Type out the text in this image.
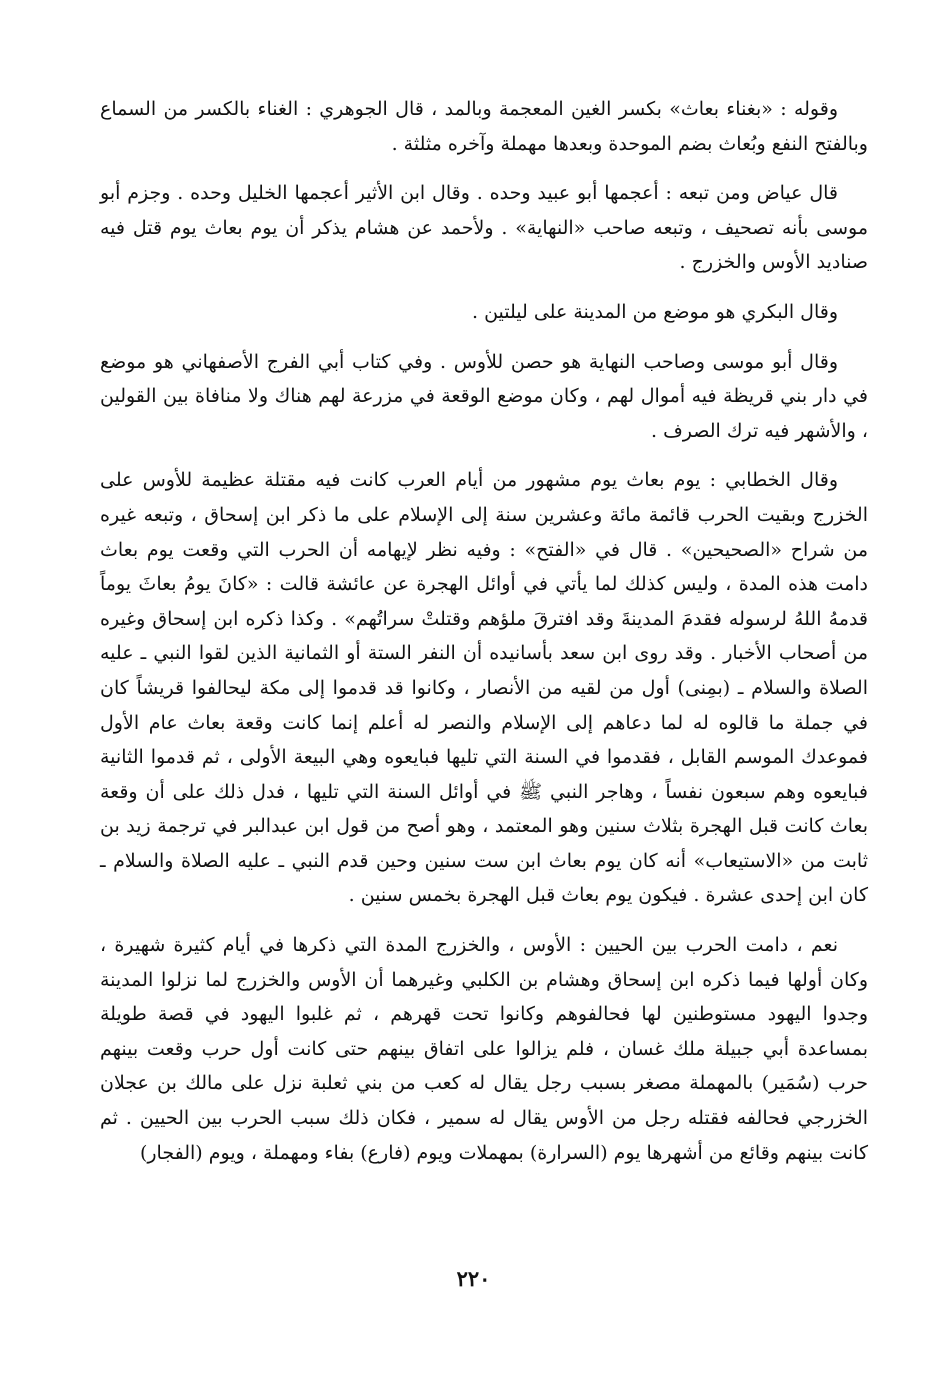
وقوله : «بغناء بعاث» بكسر الغين المعجمة وبالمد ، قال الجوهري : الغناء بالكسر من السماع وبالفتح النفع وبُعاث بضم الموحدة وبعدها مهملة وآخره مثلثة .

قال عياض ومن تبعه : أعجمها أبو عبيد وحده . وقال ابن الأثير أعجمها الخليل وحده . وجزم أبو موسى بأنه تصحيف ، وتبعه صاحب «النهاية» . ولأحمد عن هشام يذكر أن يوم بعاث يوم قتل فيه صناديد الأوس والخزرج .

وقال البكري هو موضع من المدينة على ليلتين .

وقال أبو موسى وصاحب النهاية هو حصن للأوس . وفي كتاب أبي الفرج الأصفهاني هو موضع في دار بني قريظة فيه أموال لهم ، وكان موضع الوقعة في مزرعة لهم هناك ولا منافاة بين القولين ، والأشهر فيه ترك الصرف .

وقال الخطابي : يوم بعاث يوم مشهور من أيام العرب كانت فيه مقتلة عظيمة للأوس على الخزرج وبقيت الحرب قائمة مائة وعشرين سنة إلى الإسلام على ما ذكر ابن إسحاق ، وتبعه غيره من شراح «الصحيحين» . قال في «الفتح» : وفيه نظر لإيهامه أن الحرب التي وقعت يوم بعاث دامت هذه المدة ، وليس كذلك لما يأتي في أوائل الهجرة عن عائشة قالت : «كانَ يومُ بعاثَ يوماً قدمهُ اللهُ لرسوله فقدمَ المدينةَ وقد افترقَ ملؤهم وقتلتْ سراتُهم» . وكذا ذكره ابن إسحاق وغيره من أصحاب الأخبار . وقد روى ابن سعد بأسانيده أن النفر الستة أو الثمانية الذين لقوا النبي ـ عليه الصلاة والسلام ـ (بمِنى) أول من لقيه من الأنصار ، وكانوا قد قدموا إلى مكة ليحالفوا قريشاً كان في جملة ما قالوه له لما دعاهم إلى الإسلام والنصر له أعلم إنما كانت وقعة بعاث عام الأول فموعدك الموسم القابل ، فقدموا في السنة التي تليها فبايعوه وهي البيعة الأولى ، ثم قدموا الثانية فبايعوه وهم سبعون نفساً ، وهاجر النبي ﷺ في أوائل السنة التي تليها ، فدل ذلك على أن وقعة بعاث كانت قبل الهجرة بثلاث سنين وهو المعتمد ، وهو أصح من قول ابن عبدالبر في ترجمة زيد بن ثابت من «الاستيعاب» أنه كان يوم بعاث ابن ست سنين وحين قدم النبي ـ عليه الصلاة والسلام ـ كان ابن إحدى عشرة . فيكون يوم بعاث قبل الهجرة بخمس سنين .

نعم ، دامت الحرب بين الحيين : الأوس ، والخزرج المدة التي ذكرها في أيام كثيرة شهيرة ، وكان أولها فيما ذكره ابن إسحاق وهشام بن الكلبي وغيرهما أن الأوس والخزرج لما نزلوا المدينة وجدوا اليهود مستوطنين لها فحالفوهم وكانوا تحت قهرهم ، ثم غلبوا اليهود في قصة طويلة بمساعدة أبي جبيلة ملك غسان ، فلم يزالوا على اتفاق بينهم حتى كانت أول حرب وقعت بينهم حرب (سُمَير) بالمهملة مصغر بسبب رجل يقال له كعب من بني ثعلبة نزل على مالك بن عجلان الخزرجي فحالفه فقتله رجل من الأوس يقال له سمير ، فكان ذلك سبب الحرب بين الحيين . ثم كانت بينهم وقائع من أشهرها يوم (السرارة) بمهملات ويوم (فارع) بفاء ومهملة ، ويوم (الفجار)

٢٢٠
